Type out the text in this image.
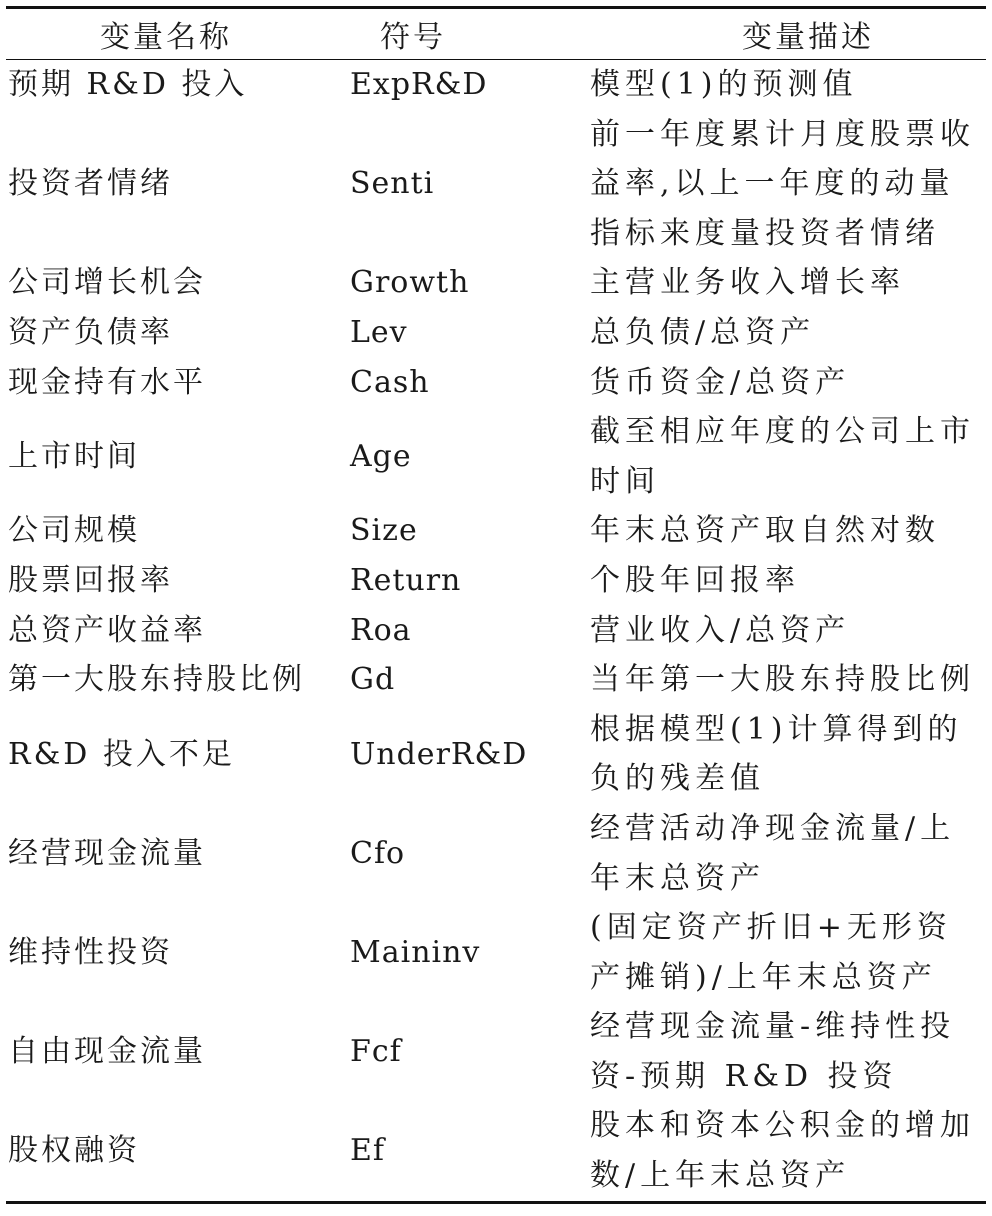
变量名称	符号	变量描述
预期 R&D 投入	ExpR&D	模型(1)的预测值

投资者情绪	Senti	前一年度累计月度股票收
益率,以上一年度的动量
指标来度量投资者情绪

公司增长机会	Growth	主营业务收入增长率

资产负债率	Lev	总负债/总资产

现金持有水平	Cash	货币资金/总资产

上市时间	Age	截至相应年度的公司上市
时间

公司规模	Size	年末总资产取自然对数

股票回报率	Return	个股年回报率

总资产收益率	Roa	营业收入/总资产

第一大股东持股比例	Gd	当年第一大股东持股比例

R&D 投入不足	UnderR&D	根据模型(1)计算得到的
负的残差值

经营现金流量	Cfo	经营活动净现金流量/上
年末总资产

维持性投资	Maininv	(固定资产折旧+无形资
产摊销)/上年末总资产

自由现金流量	Fcf	经营现金流量-维持性投
资-预期 R&D 投资

股权融资	Ef	股本和资本公积金的增加
数/上年末总资产
